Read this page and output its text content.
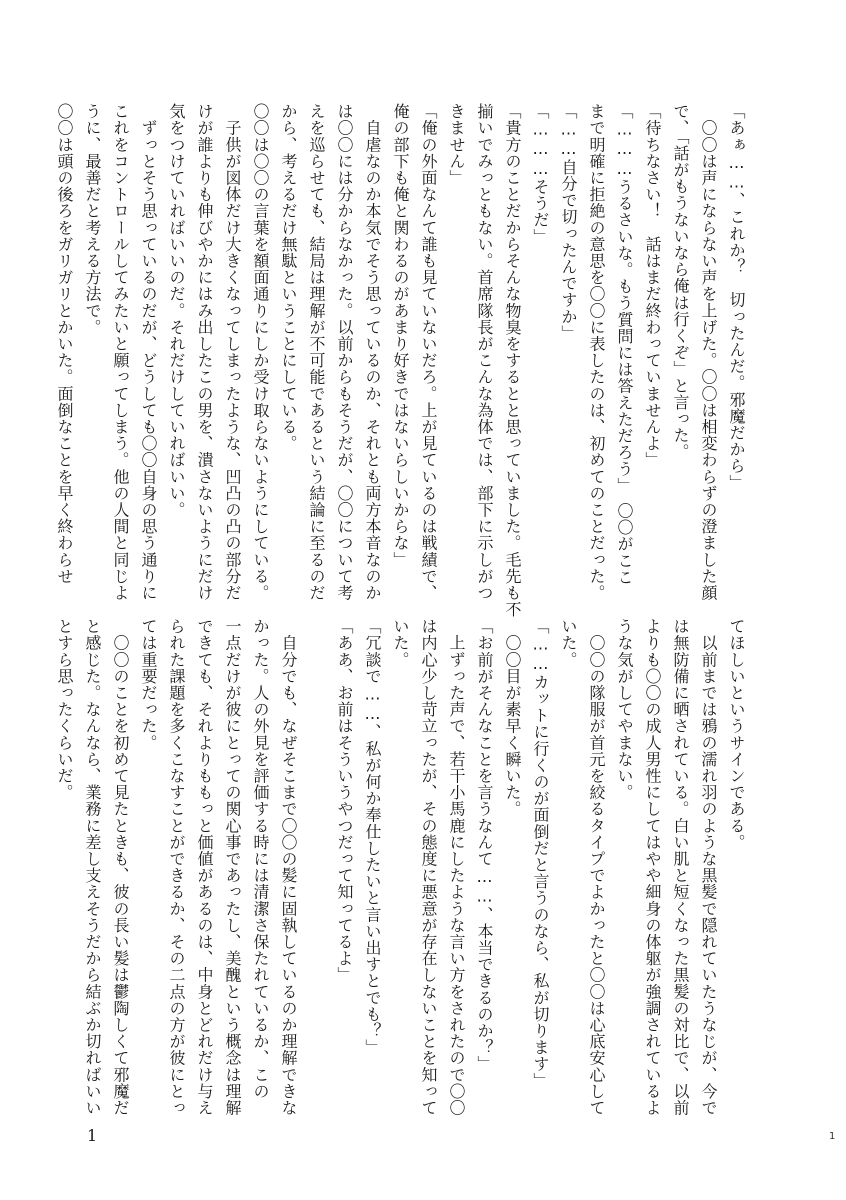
「あぁ……、これか？　切ったんだ。邪魔だから」
　〇〇は声にならない声を上げた。〇〇は相変わらずの澄ました顔
で、「話がもうないなら俺は行くぞ」と言った。
「待ちなさい！　話はまだ終わっていませんよ」
「………うるさいな。もう質問には答えただろう」　〇〇がここ
まで明確に拒絶の意思を〇〇に表したのは、初めてのことだった。
「……自分で切ったんですか」
「………そうだ」
「貴方のことだからそんな物臭をするとと思っていました。毛先も不
揃いでみっともない。首席隊長がこんな為体では、部下に示しがつ
きません」
「俺の外面なんて誰も見ていないだろ。上が見ているのは戦績で、
俺の部下も俺と関わるのがあまり好きではないらしいからな」
　自虐なのか本気でそう思っているのか、それとも両方本音なのか
は〇〇には分からなかった。以前からもそうだが、〇〇について考
えを巡らせても、結局は理解が不可能であるという結論に至るのだ
から、考えるだけ無駄ということにしている。
〇〇は〇〇の言葉を額面通りにしか受け取らないようにしている。
　子供が図体だけ大きくなってしまったような、凹凸の凸の部分だ
けが誰よりも伸びやかにはみ出したこの男を、潰さないようにだけ
気をつけていればいいのだ。それだけしていればいい。
　ずっとそう思っているのだが、どうしても〇〇自身の思う通りに
これをコントロールしてみたいと願ってしまう。他の人間と同じよ
うに、最善だと考える方法で。
〇〇は頭の後ろをガリガリとかいた。面倒なことを早く終わらせ
てほしいというサインである。
　以前までは鴉の濡れ羽のような黒髪で隠れていたうなじが、今で
は無防備に晒されている。白い肌と短くなった黒髪の対比で、以前
よりも〇〇の成人男性にしてはやや細身の体躯が強調されているよ
うな気がしてやまない。
　〇〇の隊服が首元を絞るタイプでよかったと〇〇は心底安心して
いた。
「……カットに行くのが面倒だと言うのなら、私が切ります」
　〇〇目が素早く瞬いた。
「お前がそんなことを言うなんて……、本当できるのか？」
　上ずった声で、若干小馬鹿にしたような言い方をされたので〇〇
は内心少し苛立ったが、その態度に悪意が存在しないことを知って
いた。
「冗談で……、私が何か奉仕したいと言い出すとでも？」
「ああ、お前はそういうやつだって知ってるよ」

　自分でも、なぜそこまで〇〇の髪に固執しているのか理解できな
かった。人の外見を評価する時には清潔さ保たれているか、この
一点だけが彼にとっての関心事であったし、美醜という概念は理解
できても、それよりももっと価値があるのは、中身とどれだけ与え
られた課題を多くこなすことができるか、その二点の方が彼にとっ
ては重要だった。
　〇〇のことを初めて見たときも、彼の長い髪は鬱陶しくて邪魔だ
と感じた。なんなら、業務に差し支えそうだから結ぶか切ればいい
とすら思ったくらいだ。
1	1
